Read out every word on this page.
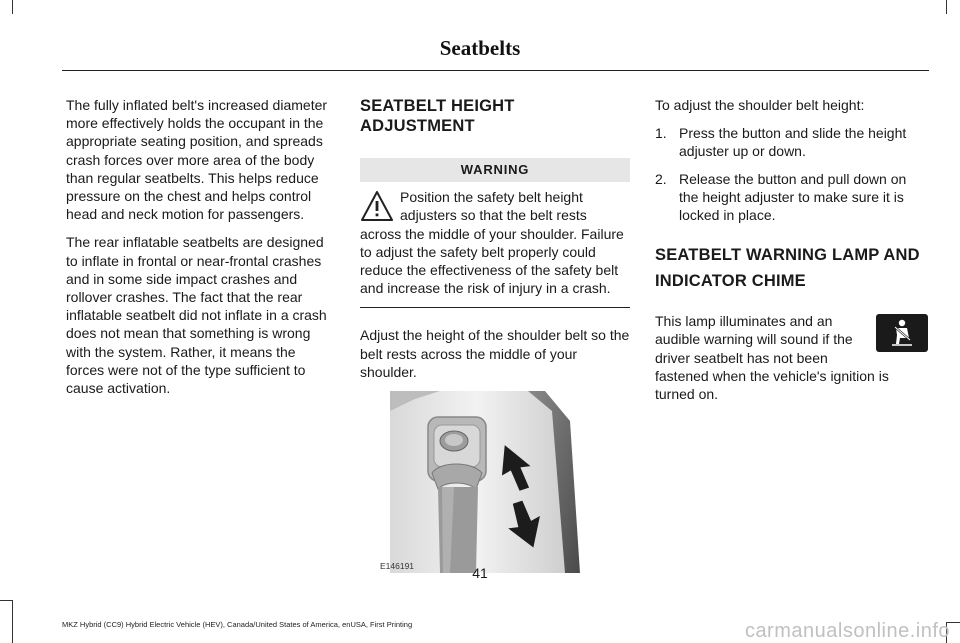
Seatbelts

The fully inflated belt's increased diameter more effectively holds the occupant in the appropriate seating position, and spreads crash forces over more area of the body than regular seatbelts. This helps reduce pressure on the chest and helps control head and neck motion for passengers.

The rear inflatable seatbelts are designed to inflate in frontal or near-frontal crashes and in some side impact crashes and rollover crashes. The fact that the rear inflatable seatbelt did not inflate in a crash does not mean that something is wrong with the system. Rather, it means the forces were not of the type sufficient to cause activation.

SEATBELT HEIGHT ADJUSTMENT
WARNING
Position the safety belt height adjusters so that the belt rests across the middle of your shoulder. Failure to adjust the safety belt properly could reduce the effectiveness of the safety belt and increase the risk of injury in a crash.

Adjust the height of the shoulder belt so the belt rests across the middle of your shoulder.

E146191

To adjust the shoulder belt height:

1. Press the button and slide the height adjuster up or down.
2. Release the button and pull down on the height adjuster to make sure it is locked in place.
SEATBELT WARNING LAMP AND
INDICATOR CHIME
This lamp illuminates and an audible warning will sound if the driver seatbelt has not been fastened when the vehicle's ignition is turned on.
41
MKZ Hybrid (CC9) Hybrid Electric Vehicle (HEV), Canada/United States of America, enUSA, First Printing	carmanualsonline.info
